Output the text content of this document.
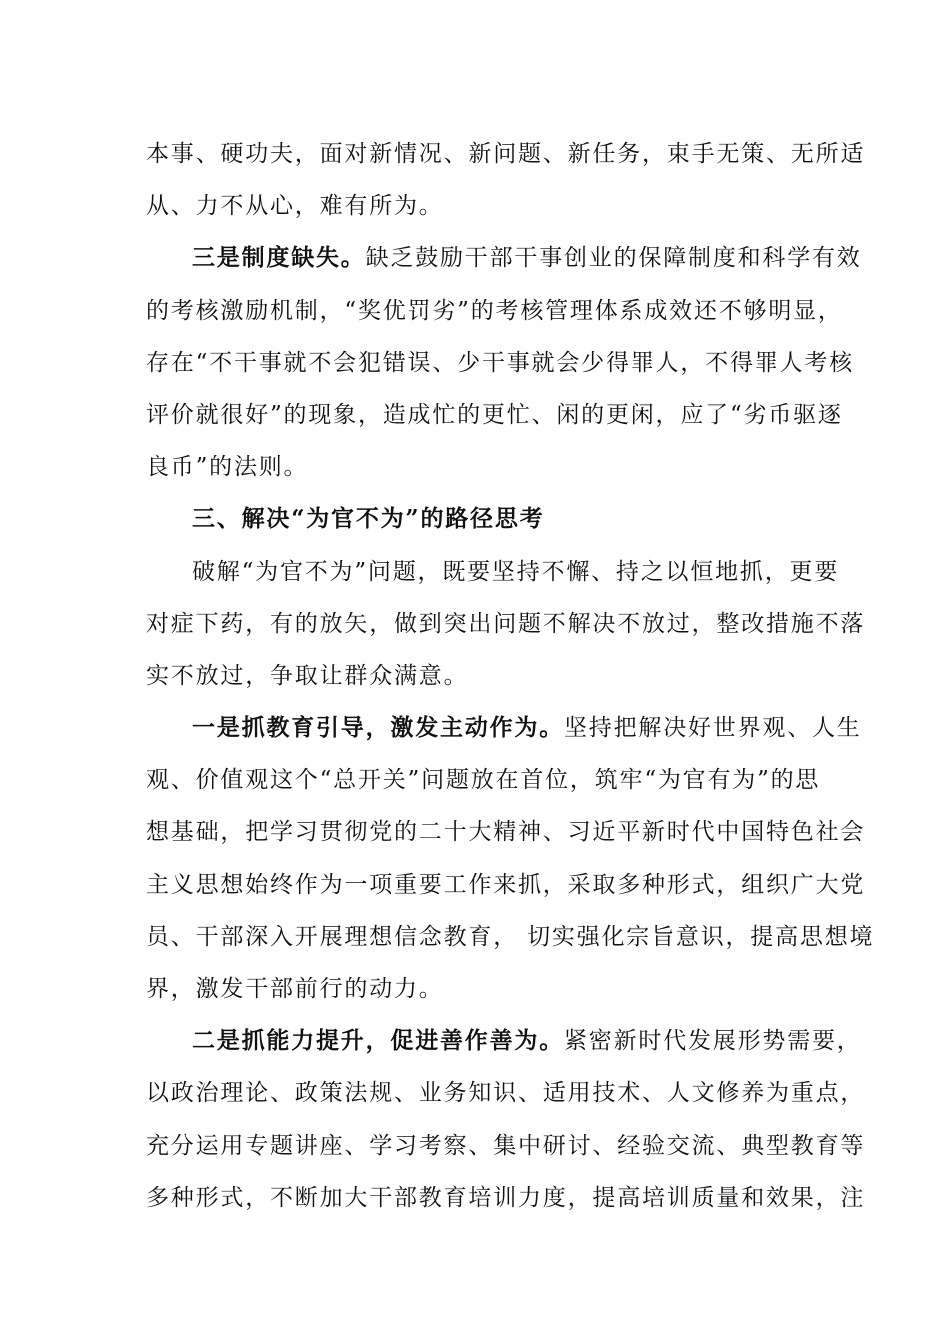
本事、硬功夫，面对新情况、新问题、新任务，束手无策、无所适
从、力不从心，难有所为。
三是制度缺失。缺乏鼓励干部干事创业的保障制度和科学有效
的考核激励机制，“奖优罚劣”的考核管理体系成效还不够明显，
存在“不干事就不会犯错误、少干事就会少得罪人，不得罪人考核
评价就很好”的现象，造成忙的更忙、闲的更闲，应了“劣币驱逐
良币”的法则。
三、解决“为官不为”的路径思考
破解“为官不为”问题，既要坚持不懈、持之以恒地抓，更要
对症下药，有的放矢，做到突出问题不解决不放过，整改措施不落
实不放过，争取让群众满意。
一是抓教育引导，激发主动作为。坚持把解决好世界观、人生
观、价值观这个“总开关”问题放在首位，筑牢“为官有为”的思
想基础，把学习贯彻党的二十大精神、习近平新时代中国特色社会
主义思想始终作为一项重要工作来抓，采取多种形式，组织广大党
员、干部深入开展理想信念教育， 切实强化宗旨意识，提高思想境
界，激发干部前行的动力。
二是抓能力提升，促进善作善为。紧密新时代发展形势需要，
以政治理论、政策法规、业务知识、适用技术、人文修养为重点，
充分运用专题讲座、学习考察、集中研讨、经验交流、典型教育等
多种形式，不断加大干部教育培训力度，提高培训质量和效果，注
